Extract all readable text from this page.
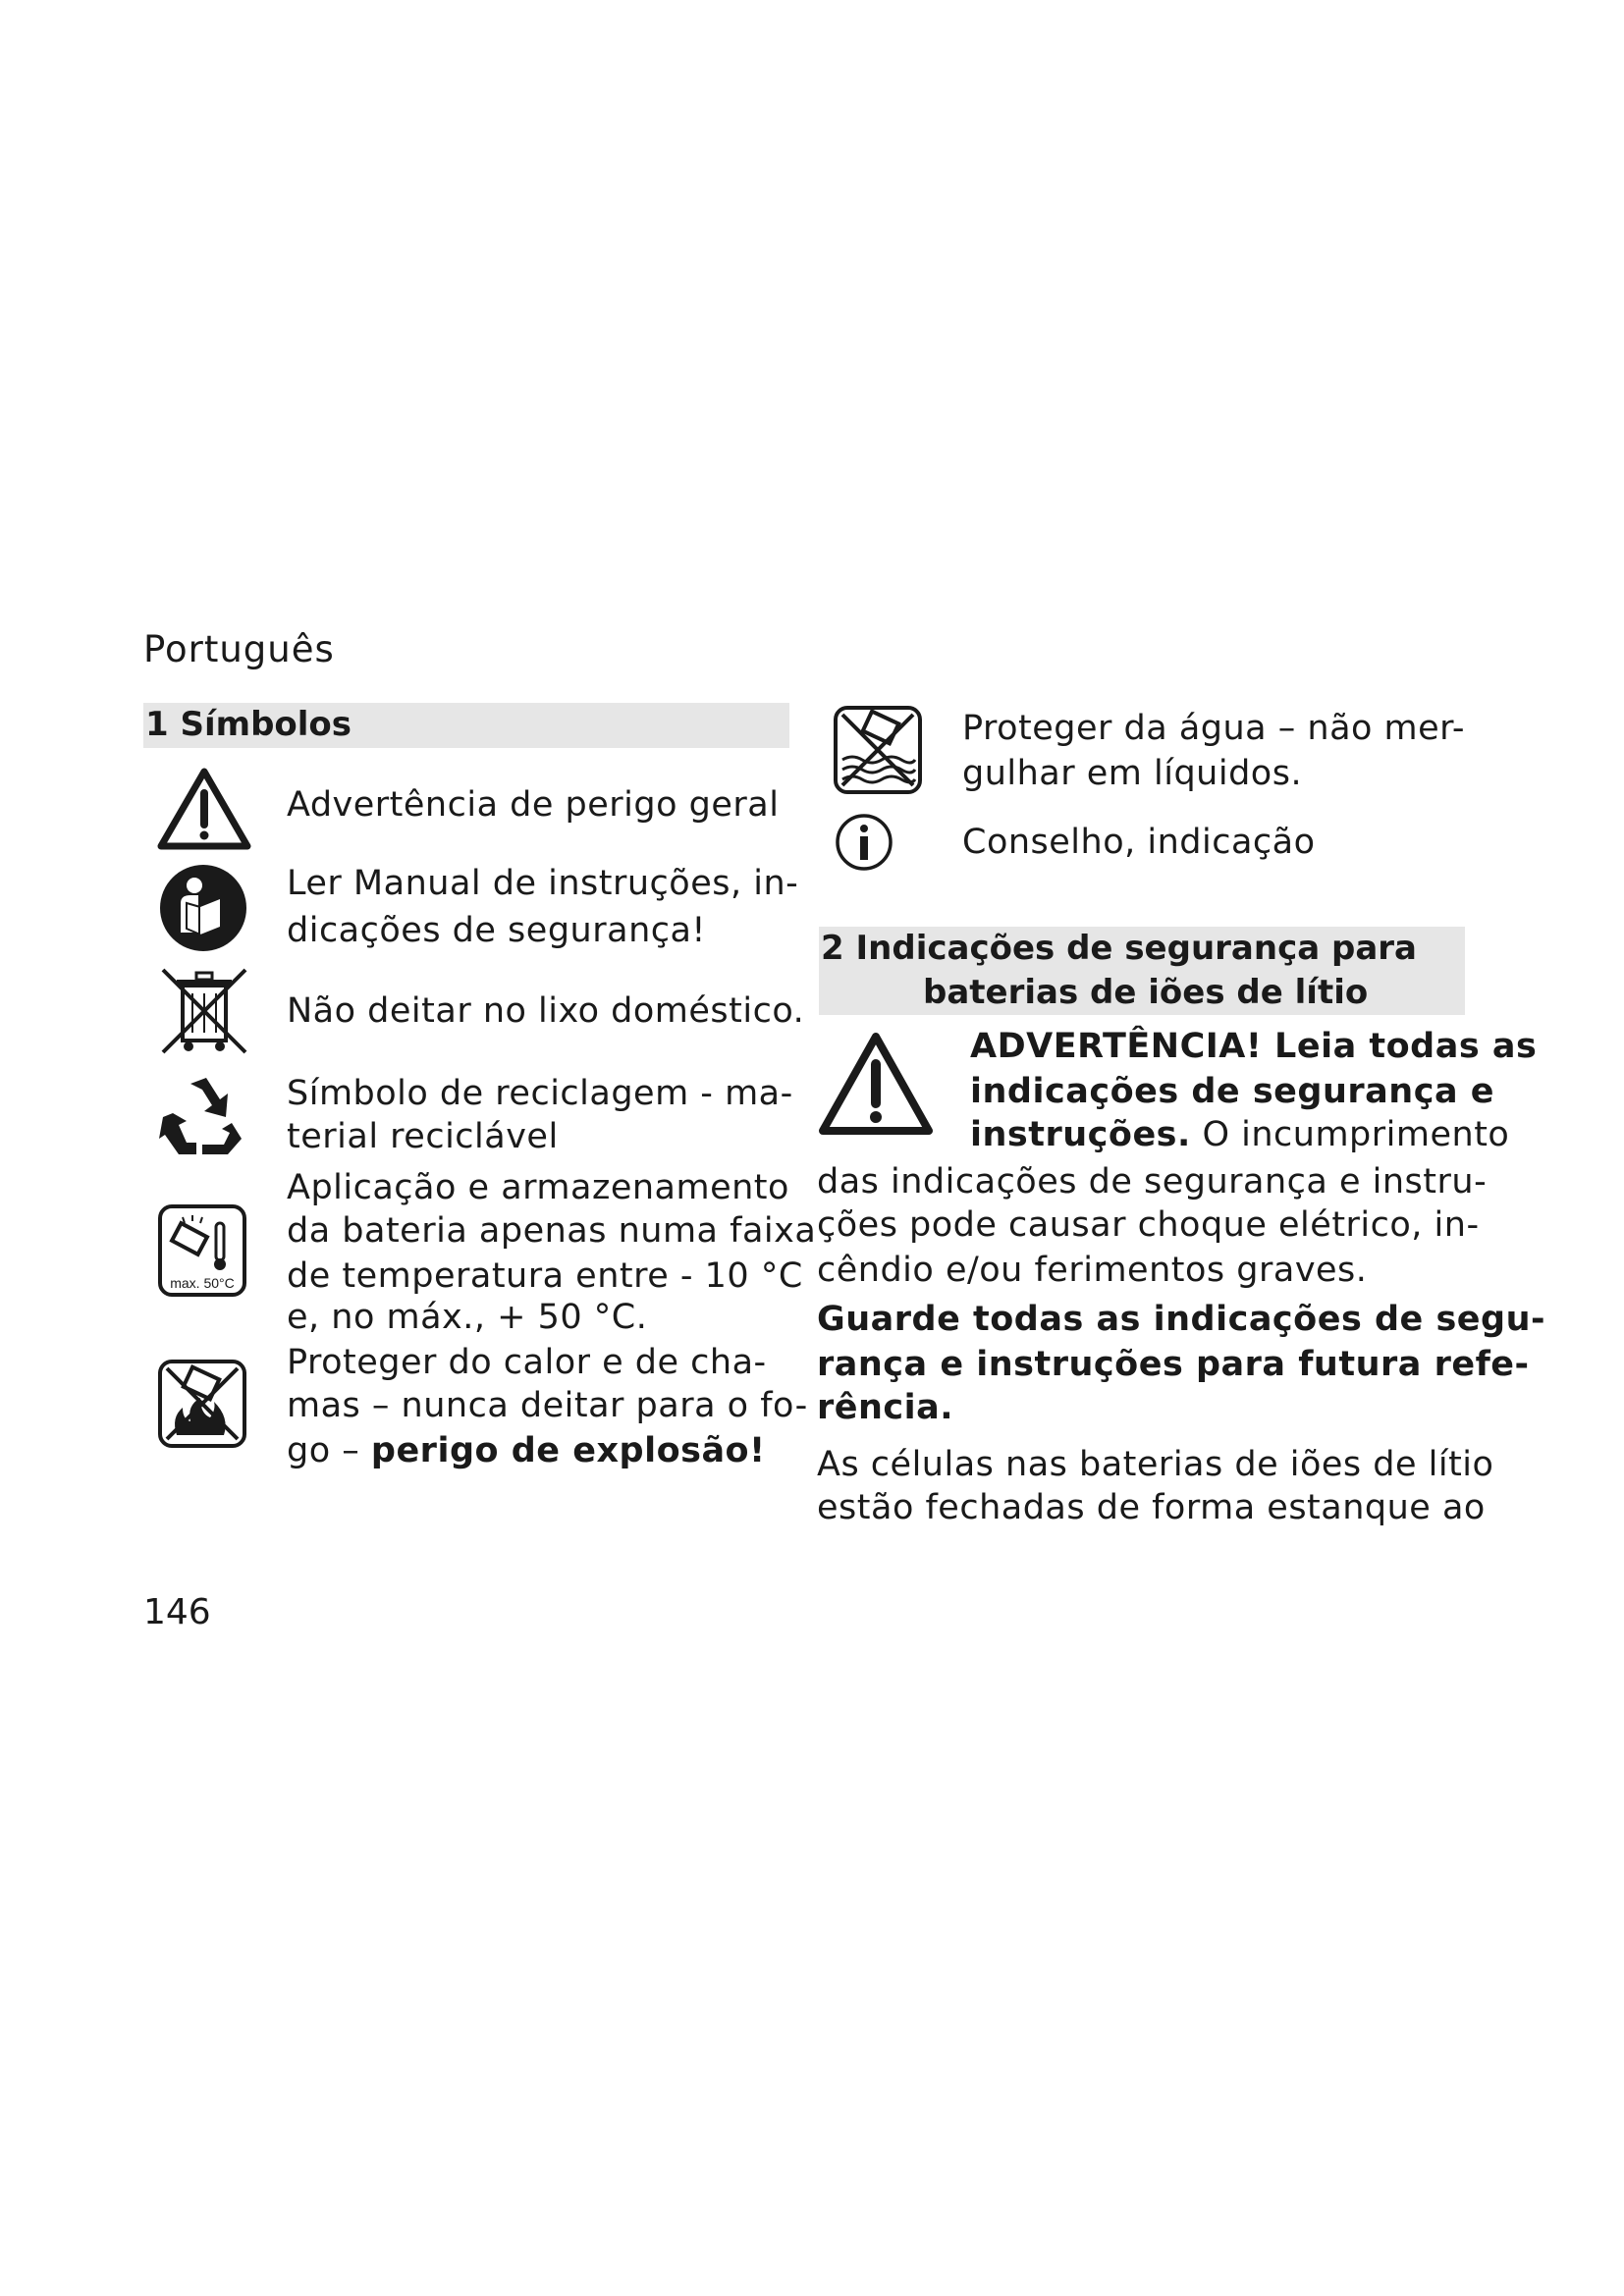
Português
1 Símbolos
Advertência de perigo geral
Ler Manual de instruções, in-
dicações de segurança!
Não deitar no lixo doméstico.
Símbolo de reciclagem - ma-
terial reciclável
max. 50°C
Aplicação e armazenamento
da bateria apenas numa faixa
de temperatura entre - 10 °C
e, no máx., + 50 °C.
Proteger do calor e de cha-
mas – nunca deitar para o fo-
go – perigo de explosão!
Proteger da água – não mer-
gulhar em líquidos.
Conselho, indicação
2 Indicações de segurança para
baterias de iões de lítio
ADVERTÊNCIA! Leia todas as
indicações de segurança e
instruções. O incumprimento
das indicações de segurança e instru-
ções pode causar choque elétrico, in-
cêndio e/ou ferimentos graves.
Guarde todas as indicações de segu-
rança e instruções para futura refe-
rência.
As células nas baterias de iões de lítio
estão fechadas de forma estanque ao
146
